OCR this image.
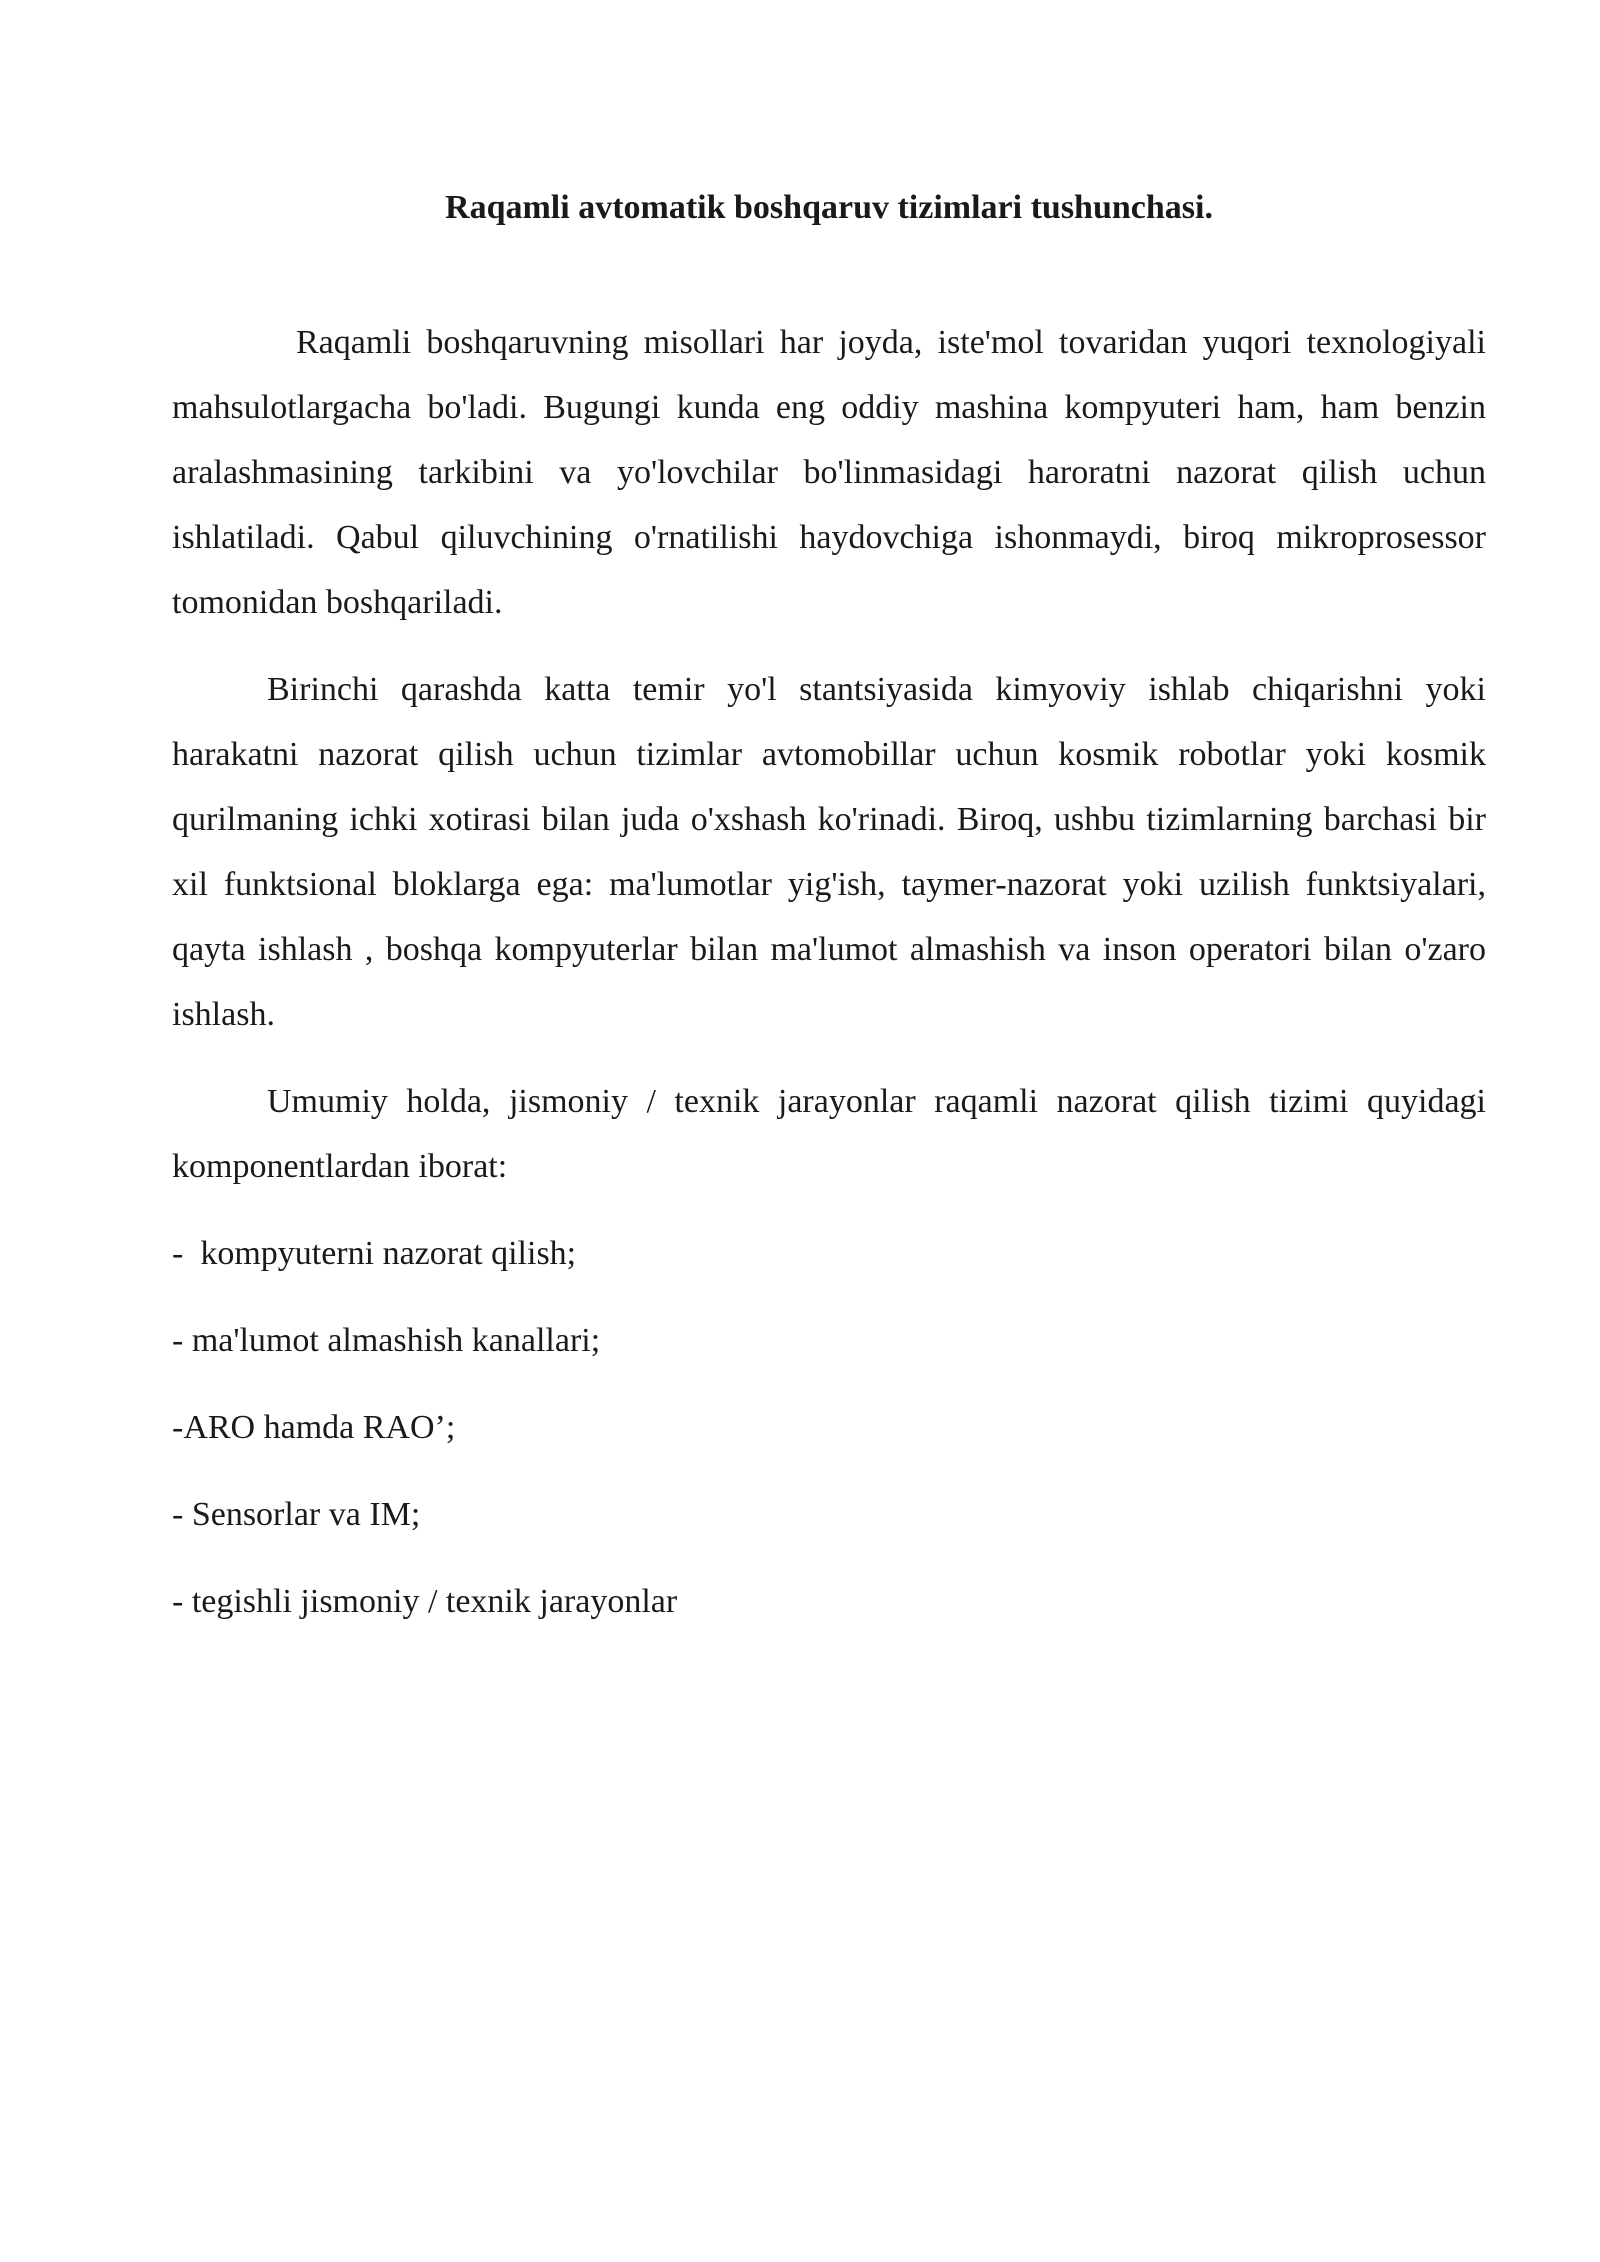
Raqamli avtomatik boshqaruv tizimlari tushunchasi.

Raqamli boshqaruvning misollari har joyda, iste'mol tovaridan yuqori texnologiyali mahsulotlargacha bo'ladi. Bugungi kunda eng oddiy mashina kompyuteri ham, ham benzin aralashmasining tarkibini va yo'lovchilar bo'linmasidagi haroratni nazorat qilish uchun ishlatiladi. Qabul qiluvchining o'rnatilishi haydovchiga ishonmaydi, biroq mikroprosessor tomonidan boshqariladi.

Birinchi qarashda katta temir yo'l stantsiyasida kimyoviy ishlab chiqarishni yoki harakatni nazorat qilish uchun tizimlar avtomobillar uchun kosmik robotlar yoki kosmik qurilmaning ichki xotirasi bilan juda o'xshash ko'rinadi. Biroq, ushbu tizimlarning barchasi bir xil funktsional bloklarga ega: ma'lumotlar yig'ish, taymer-nazorat yoki uzilish funktsiyalari, qayta ishlash , boshqa kompyuterlar bilan ma'lumot almashish va inson operatori bilan o'zaro ishlash.

Umumiy holda, jismoniy / texnik jarayonlar raqamli nazorat qilish tizimi quyidagi komponentlardan iborat:

-  kompyuterni nazorat qilish;
- ma'lumot almashish kanallari;
-ARO hamda RAO’;
- Sensorlar va IM;
- tegishli jismoniy / texnik jarayonlar
